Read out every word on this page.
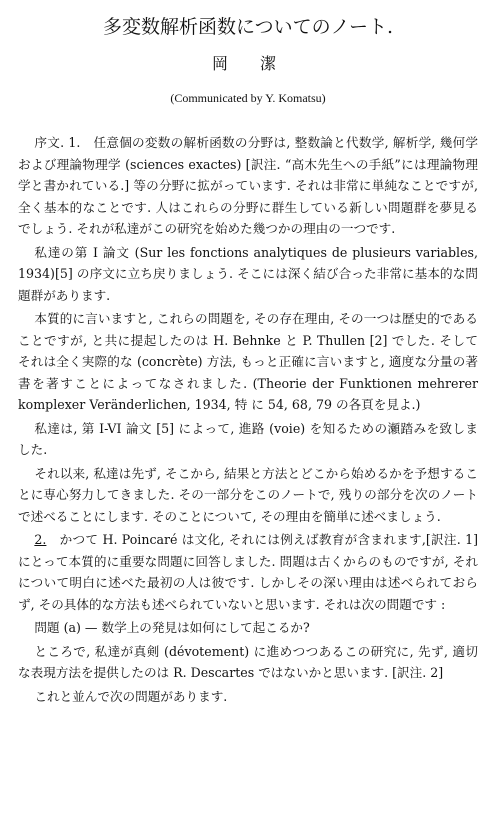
多変数解析函数についてのノート.
岡　潔
(Communicated by Y. Komatsu)

序文. 1.　任意個の変数の解析函数の分野は, 整数論と代数学, 解析学, 幾何学および理論物理学 (sciences exactes) [訳注. “高木先生への手紙”には理論物理学と書かれている.] 等の分野に拡がっています. それは非常に単純なことですが, 全く基本的なことです. 人はこれらの分野に群生している新しい問題群を夢見るでしょう. それが私達がこの研究を始めた幾つかの理由の一つです.

私達の第 I 論文 (Sur les fonctions analytiques de plusieurs variables, 1934)[5] の序文に立ち戻りましょう. そこには深く結び合った非常に基本的な問題群があります.

本質的に言いますと, これらの問題を, その存在理由, その一つは歴史的であることですが, と共に提起したのは H. Behnke と P. Thullen [2] でした. そしてそれは全く実際的な (concrète) 方法, もっと正確に言いますと, 適度な分量の著書を著すことによってなされました. (Theorie der Funktionen mehrerer komplexer Veränderlichen, 1934, 特 に 54, 68, 79 の各頁を見よ.)

私達は, 第 I-VI 論文 [5] によって, 進路 (voie) を知るための瀬踏みを致しました.

それ以来, 私達は先ず, そこから, 結果と方法とどこから始めるかを予想することに専心努力してきました. その一部分をこのノートで, 残りの部分を次のノートで述べることにします. そのことについて, その理由を簡単に述べましょう.

2.　 かつて H. Poincaré は文化, それには例えば教育が含まれます,[訳注. 1] にとって本質的に重要な問題に回答しました. 問題は古くからのものですが, それについて明白に述べた最初の人は彼です. しかしその深い理由は述べられておらず, その具体的な方法も述べられていないと思います. それは次の問題です :

問題 (a) — 数学上の発見は如何にして起こるか?

ところで, 私達が真剣 (dévotement) に進めつつあるこの研究に, 先ず, 適切な表現方法を提供したのは R. Descartes ではないかと思います. [訳注. 2]

これと並んで次の問題があります.
